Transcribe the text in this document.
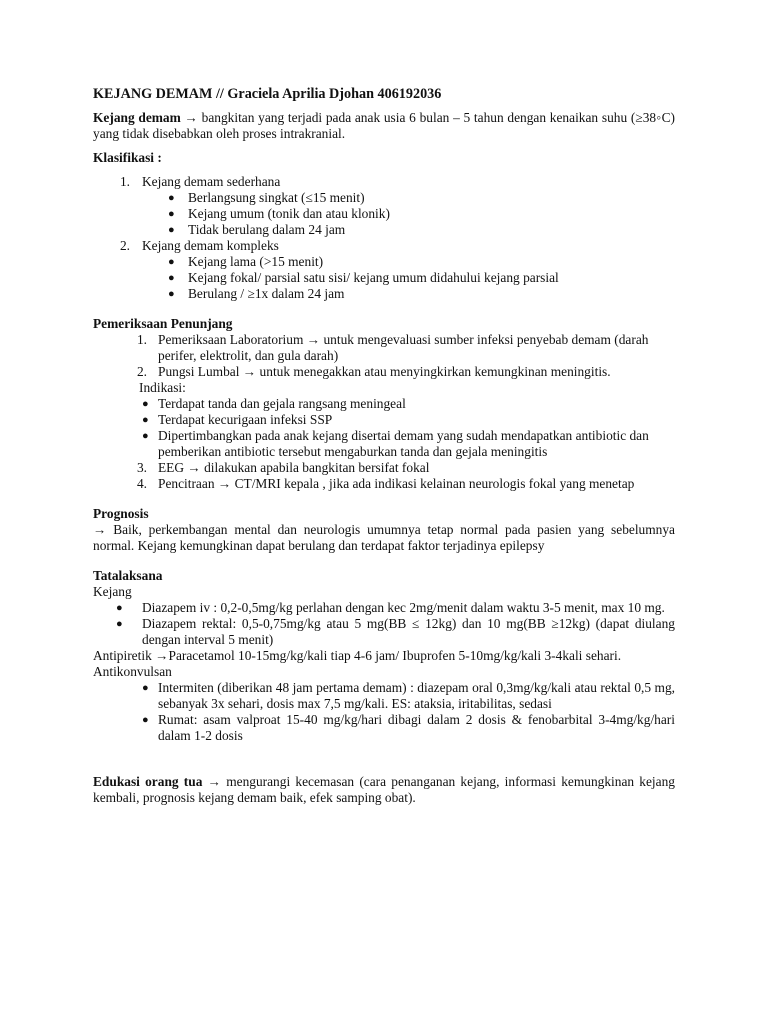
KEJANG DEMAM // Graciela Aprilia Djohan 406192036

Kejang demam → bangkitan yang terjadi pada anak usia 6 bulan – 5 tahun dengan kenaikan suhu (≥38◦C) yang tidak disebabkan oleh proses intrakranial.

Klasifikasi :
1. Kejang demam sederhana
● Berlangsung singkat (≤15 menit)
● Kejang umum (tonik dan atau klonik)
● Tidak berulang dalam 24 jam
2. Kejang demam kompleks
● Kejang lama (>15 menit)
● Kejang fokal/ parsial satu sisi/ kejang umum didahului kejang parsial
● Berulang / ≥1x dalam 24 jam
Pemeriksaan Penunjang
1. Pemeriksaan Laboratorium → untuk mengevaluasi sumber infeksi penyebab demam (darah perifer, elektrolit, dan gula darah)
2. Pungsi Lumbal → untuk menegakkan atau menyingkirkan kemungkinan meningitis.
Indikasi:
● Terdapat tanda dan gejala rangsang meningeal
● Terdapat kecurigaan infeksi SSP
● Dipertimbangkan pada anak kejang disertai demam yang sudah mendapatkan antibiotic dan pemberikan antibiotic tersebut mengaburkan tanda dan gejala meningitis
3. EEG → dilakukan apabila bangkitan bersifat fokal
4. Pencitraan → CT/MRI kepala , jika ada indikasi kelainan neurologis fokal yang menetap
Prognosis

→ Baik, perkembangan mental dan neurologis umumnya tetap normal pada pasien yang sebelumnya normal. Kejang kemungkinan dapat berulang dan terdapat faktor terjadinya epilepsy

Tatalaksana
Kejang
● Diazapem iv : 0,2-0,5mg/kg perlahan dengan kec 2mg/menit dalam waktu 3-5 menit, max 10 mg.
● Diazapem rektal: 0,5-0,75mg/kg atau 5 mg(BB ≤ 12kg) dan 10 mg(BB ≥12kg) (dapat diulang dengan interval 5 menit)
Antipiretik →Paracetamol 10-15mg/kg/kali tiap 4-6 jam/ Ibuprofen 5-10mg/kg/kali 3-4kali sehari.
Antikonvulsan
● Intermiten (diberikan 48 jam pertama demam) : diazepam oral 0,3mg/kg/kali atau rektal 0,5 mg, sebanyak 3x sehari, dosis max 7,5 mg/kali. ES: ataksia, iritabilitas, sedasi
● Rumat: asam valproat 15-40 mg/kg/hari dibagi dalam 2 dosis & fenobarbital 3-4mg/kg/hari dalam 1-2 dosis

Edukasi orang tua → mengurangi kecemasan (cara penanganan kejang, informasi kemungkinan kejang kembali, prognosis kejang demam baik, efek samping obat).
